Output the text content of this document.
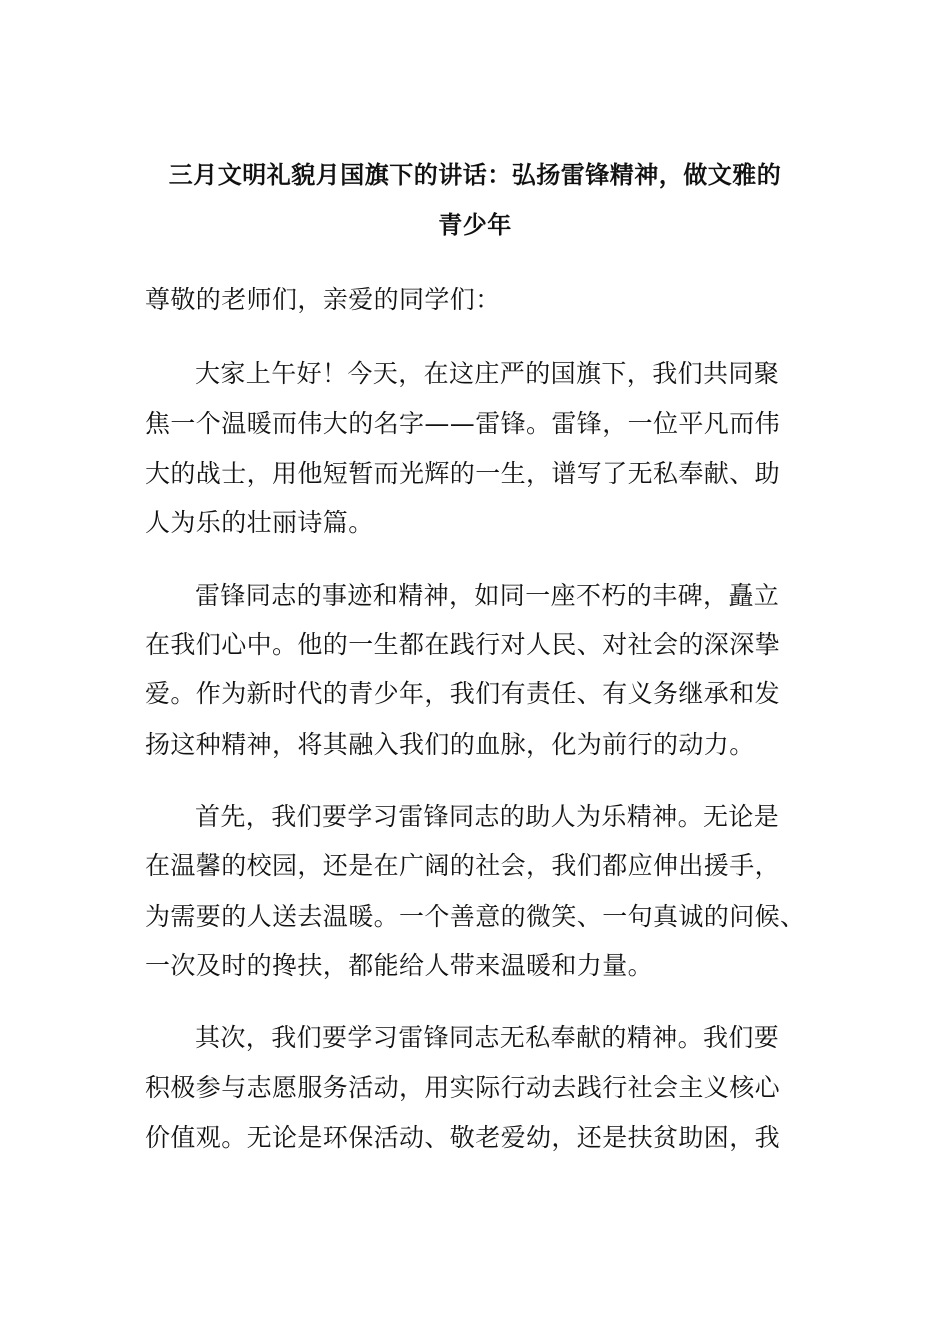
三月文明礼貌月国旗下的讲话：弘扬雷锋精神，做文雅的
青少年

尊敬的老师们，亲爱的同学们：

大家上午好！今天，在这庄严的国旗下，我们共同聚

焦一个温暖而伟大的名字——雷锋。雷锋，一位平凡而伟

大的战士，用他短暂而光辉的一生，谱写了无私奉献、助

人为乐的壮丽诗篇。

雷锋同志的事迹和精神，如同一座不朽的丰碑，矗立

在我们心中。他的一生都在践行对人民、对社会的深深挚

爱。作为新时代的青少年，我们有责任、有义务继承和发

扬这种精神，将其融入我们的血脉，化为前行的动力。

首先，我们要学习雷锋同志的助人为乐精神。无论是

在温馨的校园，还是在广阔的社会，我们都应伸出援手，

为需要的人送去温暖。一个善意的微笑、一句真诚的问候、

一次及时的搀扶，都能给人带来温暖和力量。

其次，我们要学习雷锋同志无私奉献的精神。我们要

积极参与志愿服务活动，用实际行动去践行社会主义核心

价值观。无论是环保活动、敬老爱幼，还是扶贫助困，我
